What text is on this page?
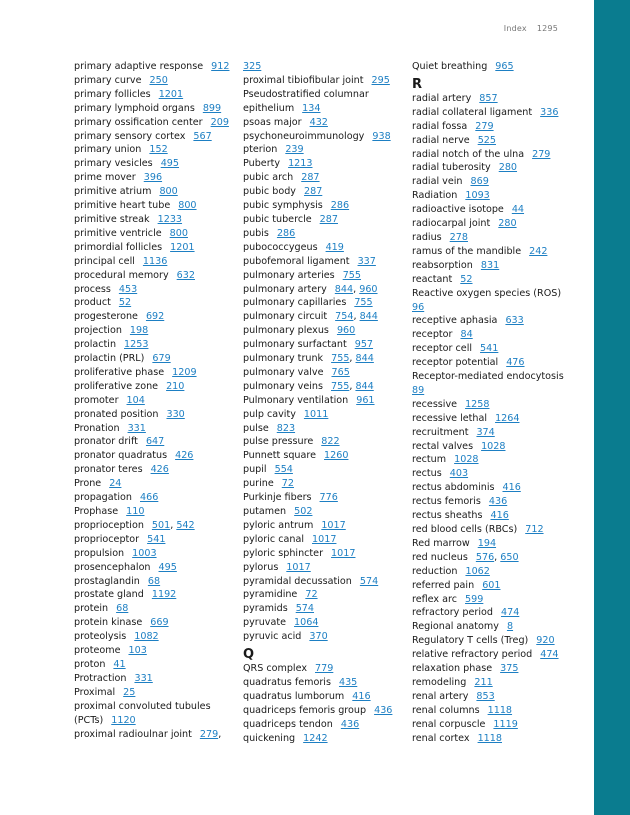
Index 1295
primary adaptive response 912
primary curve 250
primary follicles 1201
primary lymphoid organs 899
primary ossification center 209
primary sensory cortex 567
primary union 152
primary vesicles 495
prime mover 396
primitive atrium 800
primitive heart tube 800
primitive streak 1233
primitive ventricle 800
primordial follicles 1201
principal cell 1136
procedural memory 632
process 453
product 52
progesterone 692
projection 198
prolactin 1253
prolactin (PRL) 679
proliferative phase 1209
proliferative zone 210
promoter 104
pronated position 330
Pronation 331
pronator drift 647
pronator quadratus 426
pronator teres 426
Prone 24
propagation 466
Prophase 110
proprioception 501, 542
proprioceptor 541
propulsion 1003
prosencephalon 495
prostaglandin 68
prostate gland 1192
protein 68
protein kinase 669
proteolysis 1082
proteome 103
proton 41
Protraction 331
Proximal 25
proximal convoluted tubules (PCTs) 1120
proximal radioulnar joint 279,
325
proximal tibiofibular joint 295
Pseudostratified columnar epithelium 134
psoas major 432
psychoneuroimmunology 938
pterion 239
Puberty 1213
pubic arch 287
pubic body 287
pubic symphysis 286
pubic tubercle 287
pubis 286
pubococcygeus 419
pubofemoral ligament 337
pulmonary arteries 755
pulmonary artery 844, 960
pulmonary capillaries 755
pulmonary circuit 754, 844
pulmonary plexus 960
pulmonary surfactant 957
pulmonary trunk 755, 844
pulmonary valve 765
pulmonary veins 755, 844
Pulmonary ventilation 961
pulp cavity 1011
pulse 823
pulse pressure 822
Punnett square 1260
pupil 554
purine 72
Purkinje fibers 776
putamen 502
pyloric antrum 1017
pyloric canal 1017
pyloric sphincter 1017
pylorus 1017
pyramidal decussation 574
pyramidine 72
pyramids 574
pyruvate 1064
pyruvic acid 370
Q
QRS complex 779
quadratus femoris 435
quadratus lumborum 416
quadriceps femoris group 436
quadriceps tendon 436
quickening 1242
Quiet breathing 965
R
radial artery 857
radial collateral ligament 336
radial fossa 279
radial nerve 525
radial notch of the ulna 279
radial tuberosity 280
radial vein 869
Radiation 1093
radioactive isotope 44
radiocarpal joint 280
radius 278
ramus of the mandible 242
reabsorption 831
reactant 52
Reactive oxygen species (ROS)96
receptive aphasia 633
receptor 84
receptor cell 541
receptor potential 476
Receptor-mediated endocytosis89
recessive 1258
recessive lethal 1264
recruitment 374
rectal valves 1028
rectum 1028
rectus 403
rectus abdominis 416
rectus femoris 436
rectus sheaths 416
red blood cells (RBCs) 712
Red marrow 194
red nucleus 576, 650
reduction 1062
referred pain 601
reflex arc 599
refractory period 474
Regional anatomy 8
Regulatory T cells (Treg) 920
relative refractory period 474
relaxation phase 375
remodeling 211
renal artery 853
renal columns 1118
renal corpuscle 1119
renal cortex 1118
